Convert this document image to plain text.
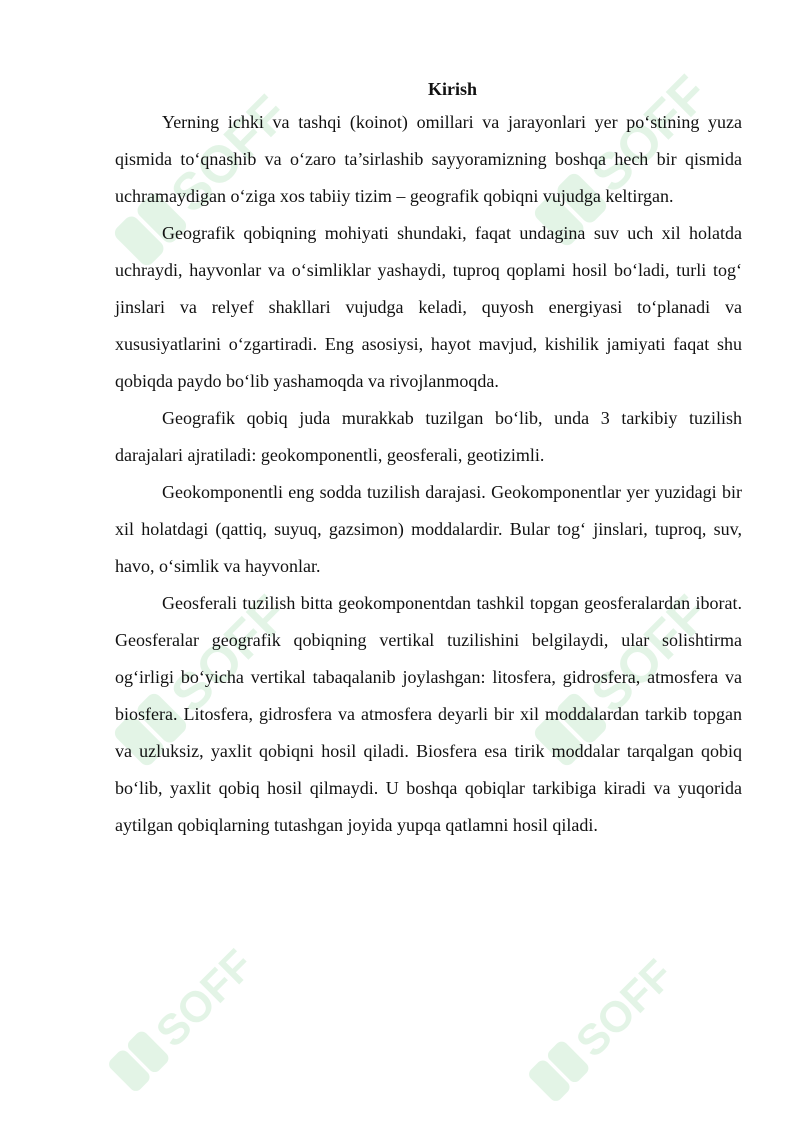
SOFF	SOFF
SOFF	SOFF
SOFF	SOFF
Kirish

Yerning ichki va tashqi (koinot) omillari va jarayonlari yer po‘stining yuza qismida to‘qnashib va o‘zaro ta’sirlashib sayyoramizning boshqa hech bir qismida uchramaydigan o‘ziga xos tabiiy tizim – geografik qobiqni vujudga keltirgan.

Geografik qobiqning mohiyati shundaki, faqat undagina suv uch xil holatda uchraydi, hayvonlar va o‘simliklar yashaydi, tuproq qoplami hosil bo‘ladi, turli tog‘ jinslari va relyef shakllari vujudga keladi, quyosh energiyasi to‘planadi va xususiyatlarini o‘zgartiradi. Eng asosiysi, hayot mavjud, kishilik jamiyati faqat shu qobiqda paydo bo‘lib yashamoqda va rivojlanmoqda.

Geografik qobiq juda murakkab tuzilgan bo‘lib, unda 3 tarkibiy tuzilish darajalari ajratiladi: geokomponentli, geosferali, geotizimli.

Geokomponentli eng sodda tuzilish darajasi. Geokomponentlar yer yuzidagi bir xil holatdagi (qattiq, suyuq, gazsimon) moddalardir. Bular tog‘ jinslari, tuproq, suv, havo, o‘simlik va hayvonlar.

Geosferali tuzilish bitta geokomponentdan tashkil topgan geosferalardan iborat. Geosferalar geografik qobiqning vertikal tuzilishini belgilaydi, ular solishtirma og‘irligi bo‘yicha vertikal tabaqalanib joylashgan: litosfera, gidrosfera, atmosfera va biosfera. Litosfera, gidrosfera va atmosfera deyarli bir xil moddalardan tarkib topgan va uzluksiz, yaxlit qobiqni hosil qiladi. Biosfera esa tirik moddalar tarqalgan qobiq bo‘lib, yaxlit qobiq hosil qilmaydi. U boshqa qobiqlar tarkibiga kiradi va yuqorida aytilgan qobiqlarning tutashgan joyida yupqa qatlamni hosil qiladi.
